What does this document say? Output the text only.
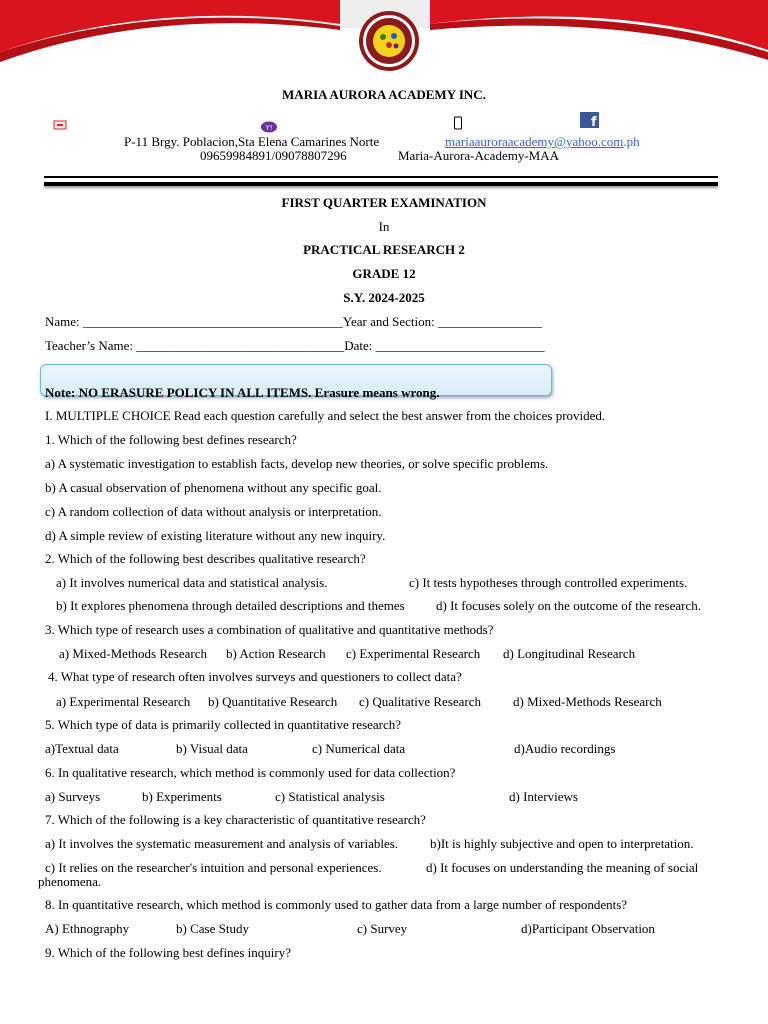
MARIA AURORA ACADEMY INC.
Y!	f
P-11 Brgy. Poblacion,Sta Elena Camarines Norte	mariaauroraacademy@yahoo.com.ph
09659984891/09078807296	Maria-Aurora-Academy-MAA
FIRST QUARTER EXAMINATION
In
PRACTICAL RESEARCH 2
GRADE 12
S.Y. 2024-2025
Name: ________________________________________Year and Section: ________________
Teacher’s Name: ________________________________Date: __________________________
Note: NO ERASURE POLICY IN ALL ITEMS. Erasure means wrong.
I. MULTIPLE CHOICE Read each question carefully and select the best answer from the choices provided.
1. Which of the following best defines research?
a) A systematic investigation to establish facts, develop new theories, or solve specific problems.
b) A casual observation of phenomena without any specific goal.
c) A random collection of data without analysis or interpretation.
d) A simple review of existing literature without any new inquiry.
2. Which of the following best describes qualitative research?
a) It involves numerical data and statistical analysis.	c) It tests hypotheses through controlled experiments.
b) It explores phenomena through detailed descriptions and themes d) It focuses solely on the outcome of the research.
3. Which type of research uses a combination of qualitative and quantitative methods?
a) Mixed-Methods Research b) Action Research c) Experimental Research d) Longitudinal Research
4. What type of research often involves surveys and questioners to collect data?
a) Experimental Research b) Quantitative Research c) Qualitative Research d) Mixed-Methods Research
5. Which type of data is primarily collected in quantitative research?
a)Textual data	b) Visual data	c) Numerical data	d)Audio recordings
6. In qualitative research, which method is commonly used for data collection?
a) Surveys	b) Experiments	c) Statistical analysis	d) Interviews
7. Which of the following is a key characteristic of quantitative research?
a) It involves the systematic measurement and analysis of variables. b)It is highly subjective and open to interpretation.
c) It relies on the researcher's intuition and personal experiences.	d) It focuses on understanding the meaning of social
phenomena.
8. In quantitative research, which method is commonly used to gather data from a large number of respondents?
A) Ethnography	b) Case Study	c) Survey	d)Participant Observation
9. Which of the following best defines inquiry?
